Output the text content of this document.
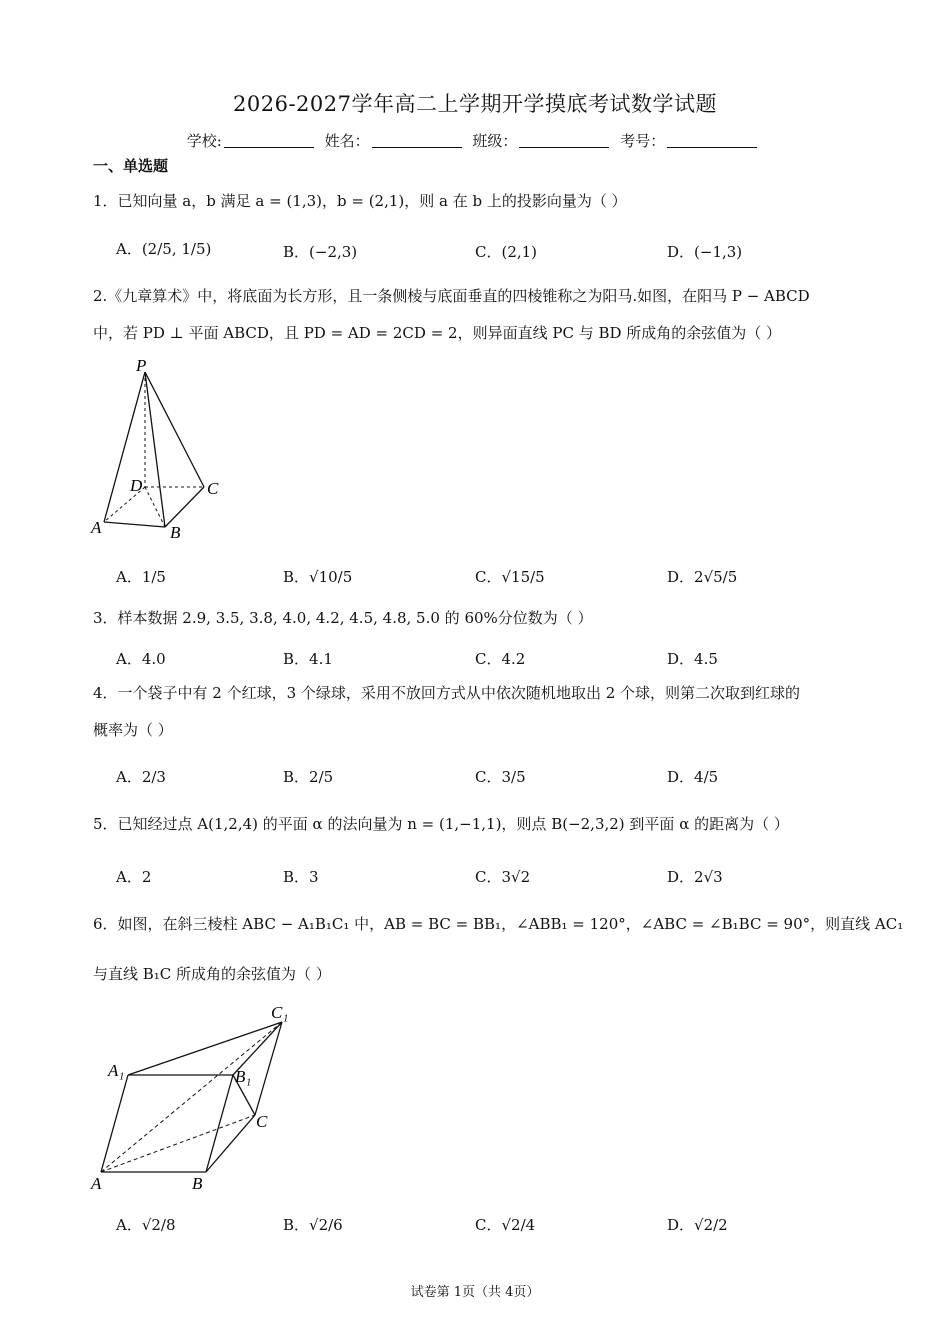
2026-2027学年高二上学期开学摸底考试数学试题
学校:	姓名：	班级：	考号：
一、单选题
1．已知向量 a，b 满足 a = (1,3)，b = (2,1)，则 a 在 b 上的投影向量为（ ）
A．(2/5, 1/5)	B．(−2,3)	C．(2,1)	D．(−1,3)
2.《九章算术》中，将底面为长方形，且一条侧棱与底面垂直的四棱锥称之为阳马.如图，在阳马 P − ABCD
中，若 PD ⊥ 平面 ABCD，且 PD = AD = 2CD = 2，则异面直线 PC 与 BD 所成角的余弦值为（ ）
P
D	C
A	B
A．1/5	B．√10/5	C．√15/5	D．2√5/5
3．样本数据 2.9, 3.5, 3.8, 4.0, 4.2, 4.5, 4.8, 5.0 的 60%分位数为（ ）
A．4.0	B．4.1	C．4.2	D．4.5
4．一个袋子中有 2 个红球，3 个绿球，采用不放回方式从中依次随机地取出 2 个球，则第二次取到红球的
概率为（ ）
A．2/3	B．2/5	C．3/5	D．4/5
5．已知经过点 A(1,2,4) 的平面 α 的法向量为 n = (1,−1,1)，则点 B(−2,3,2) 到平面 α 的距离为（ ）
A．2	B．3	C．3√2	D．2√3
6．如图，在斜三棱柱 ABC − A₁B₁C₁ 中，AB = BC = BB₁，∠ABB₁ = 120°，∠ABC = ∠B₁BC = 90°，则直线 AC₁
与直线 B₁C 所成角的余弦值为（ ）
C₁
A₁	B₁
C
A	B
A．√2/8	B．√2/6	C．√2/4	D．√2/2
试卷第 1页（共 4页）
